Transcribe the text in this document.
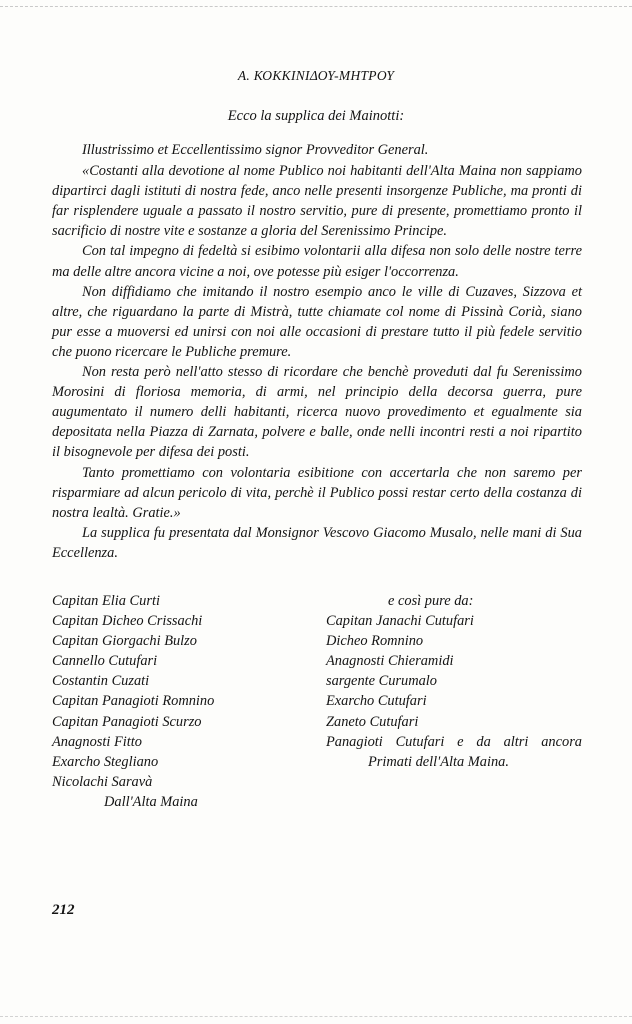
A. ΚΟΚΚΙΝΙΔΟΥ-ΜΗΤΡΟΥ
Ecco la supplica dei Mainotti:

Illustrissimo et Eccellentissimo signor Provveditor General.

«Costanti alla devotione al nome Publico noi habitanti dell'Alta Maina non sappiamo dipartirci dagli istituti di nostra fede, anco nelle presenti insorgenze Publiche, ma pronti di far risplendere uguale a passato il nostro servitio, pure di presente, promettiamo pronto il sacrificio di nostre vite e sostanze a gloria del Serenissimo Principe.

Con tal impegno di fedeltà si esibimo volontarii alla difesa non solo delle nostre terre ma delle altre ancora vicine a noi, ove potesse più esiger l'occorrenza.

Non diffidiamo che imitando il nostro esempio anco le ville di Cuzaves, Sizzova et altre, che riguardano la parte di Mistrà, tutte chiamate col nome di Pissinà Corià, siano pur esse a muoversi ed unirsi con noi alle occasioni di prestare tutto il più fedele servitio che puono ricercare le Publiche premure.

Non resta però nell'atto stesso di ricordare che benchè proveduti dal fu Serenissimo Morosini di floriosa memoria, di armi, nel principio della decorsa guerra, pure augumentato il numero delli habitanti, ricerca nuovo provedimento et egualmente sia depositata nella Piazza di Zarnata, polvere e balle, onde nelli incontri resti a noi ripartito il bisognevole per difesa dei posti.

Tanto promettiamo con volontaria esibitione con accertarla che non saremo per risparmiare ad alcun pericolo di vita, perchè il Publico possi restar certo della costanza di nostra lealtà. Gratie.»

La supplica fu presentata dal Monsignor Vescovo Giacomo Musalo, nelle mani di Sua Eccellenza.

Capitan Elia Curti
Capitan Dicheo Crissachi
Capitan Giorgachi Bulzo
Cannello Cutufari
Costantin Cuzati
Capitan Panagioti Romnino
Capitan Panagioti Scurzo
Anagnosti Fitto
Exarcho Stegliano
Nicolachi Saravà
Dall'Alta Maina
e così pure da:
Capitan Janachi Cutufari
Dicheo Romnino
Anagnosti Chieramidi
sargente Curumalo
Exarcho Cutufari
Zaneto Cutufari
Panagioti Cutufari e da altri ancora
Primati dell'Alta Maina.
212
